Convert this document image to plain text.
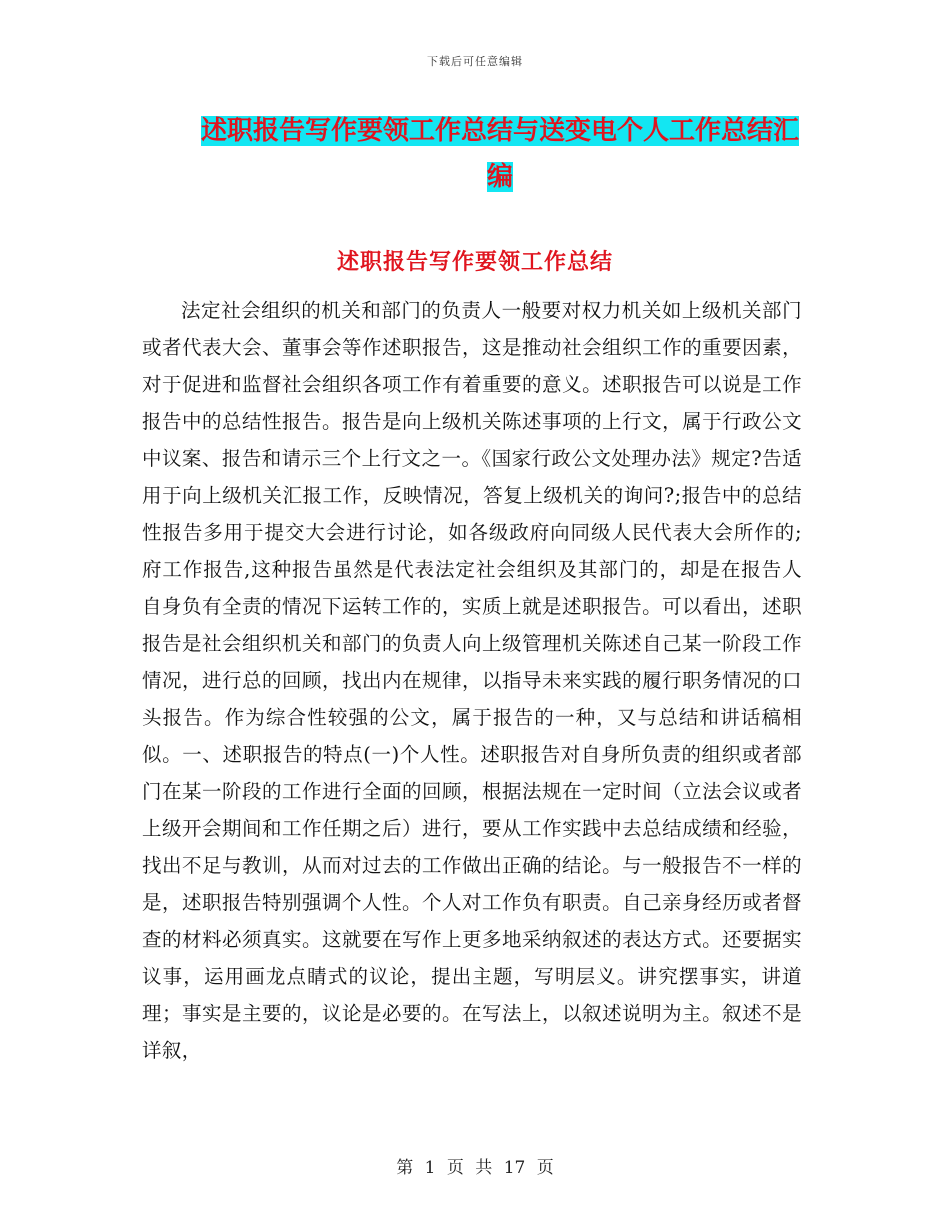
下载后可任意编辑
述职报告写作要领工作总结与送变电个人工作总结汇
编
述职报告写作要领工作总结

法定社会组织的机关和部门的负责人一般要对权力机关如上级机关部门或者代表大会、董事会等作述职报告，这是推动社会组织工作的重要因素，对于促进和监督社会组织各项工作有着重要的意义。述职报告可以说是工作报告中的总结性报告。报告是向上级机关陈述事项的上行文，属于行政公文中议案、报告和请示三个上行文之一。《国家行政公文处理办法》规定?告适用于向上级机关汇报工作，反映情况，答复上级机关的询问?;报告中的总结性报告多用于提交大会进行讨论，如各级政府向同级人民代表大会所作的;府工作报告,这种报告虽然是代表法定社会组织及其部门的，却是在报告人自身负有全责的情况下运转工作的，实质上就是述职报告。可以看出，述职报告是社会组织机关和部门的负责人向上级管理机关陈述自己某一阶段工作情况，进行总的回顾，找出内在规律，以指导未来实践的履行职务情况的口头报告。作为综合性较强的公文，属于报告的一种，又与总结和讲话稿相似。一、述职报告的特点(一)个人性。述职报告对自身所负责的组织或者部门在某一阶段的工作进行全面的回顾，根据法规在一定时间（立法会议或者上级开会期间和工作任期之后）进行，要从工作实践中去总结成绩和经验，找出不足与教训，从而对过去的工作做出正确的结论。与一般报告不一样的是，述职报告特别强调个人性。个人对工作负有职责。自己亲身经历或者督查的材料必须真实。这就要在写作上更多地采纳叙述的表达方式。还要据实议事，运用画龙点睛式的议论，提出主题，写明层义。讲究摆事实，讲道理；事实是主要的，议论是必要的。在写法上，以叙述说明为主。叙述不是详叙，

第 1 页 共 17 页
